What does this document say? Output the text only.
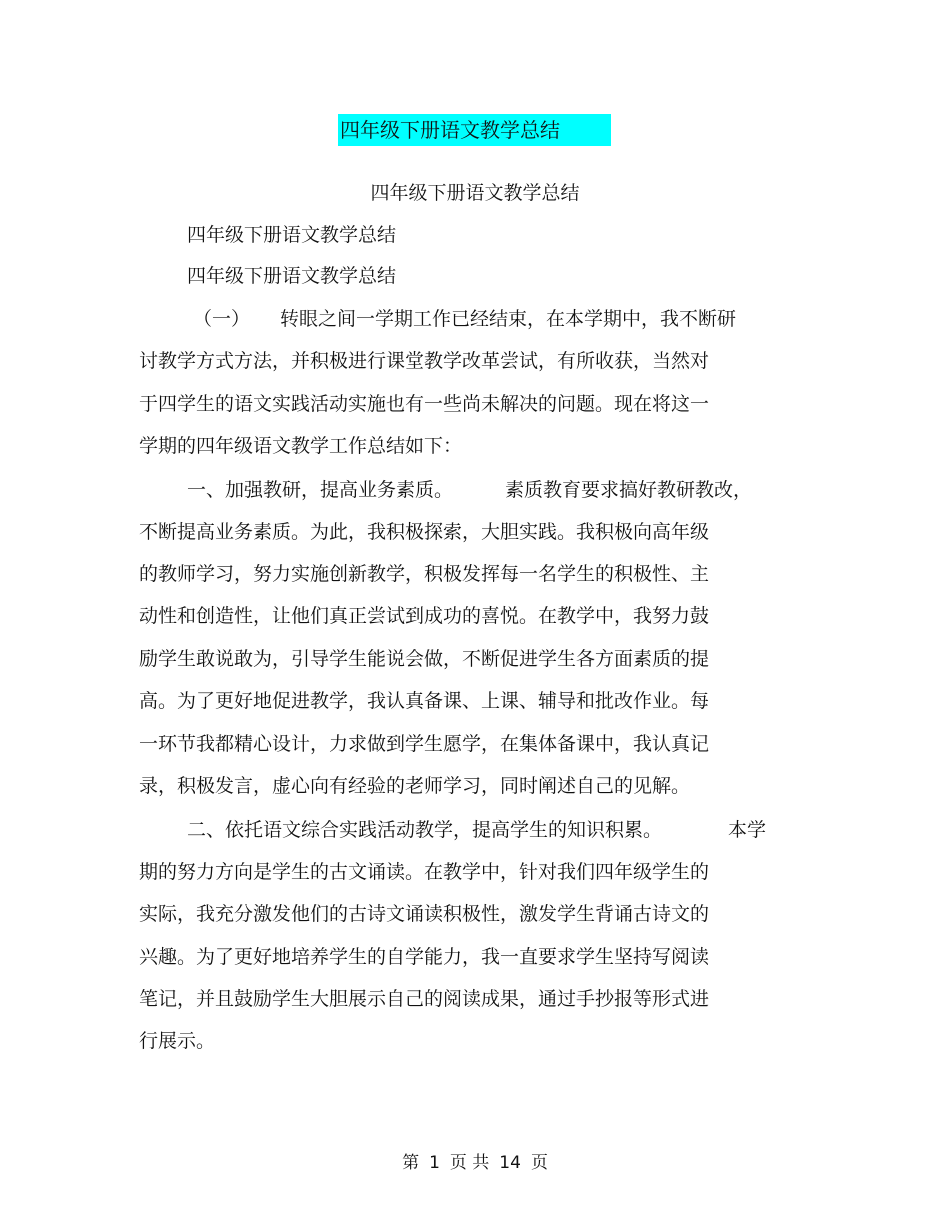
四年级下册语文教学总结
四年级下册语文教学总结
四年级下册语文教学总结
四年级下册语文教学总结
（一） 转眼之间一学期工作已经结束，在本学期中，我不断研
讨教学方式方法，并积极进行课堂教学改革尝试，有所收获，当然对
于四学生的语文实践活动实施也有一些尚未解决的问题。现在将这一
学期的四年级语文教学工作总结如下：
一、加强教研，提高业务素质。	素质教育要求搞好教研教改，
不断提高业务素质。为此，我积极探索，大胆实践。我积极向高年级
的教师学习，努力实施创新教学，积极发挥每一名学生的积极性、主
动性和创造性，让他们真正尝试到成功的喜悦。在教学中，我努力鼓
励学生敢说敢为，引导学生能说会做，不断促进学生各方面素质的提
高。为了更好地促进教学，我认真备课、上课、辅导和批改作业。每
一环节我都精心设计，力求做到学生愿学，在集体备课中，我认真记
录，积极发言，虚心向有经验的老师学习，同时阐述自己的见解。
二、依托语文综合实践活动教学，提高学生的知识积累。	本学
期的努力方向是学生的古文诵读。在教学中，针对我们四年级学生的
实际，我充分激发他们的古诗文诵读积极性，激发学生背诵古诗文的
兴趣。为了更好地培养学生的自学能力，我一直要求学生坚持写阅读
笔记，并且鼓励学生大胆展示自己的阅读成果，通过手抄报等形式进
行展示。
第 1 页 共 14 页
